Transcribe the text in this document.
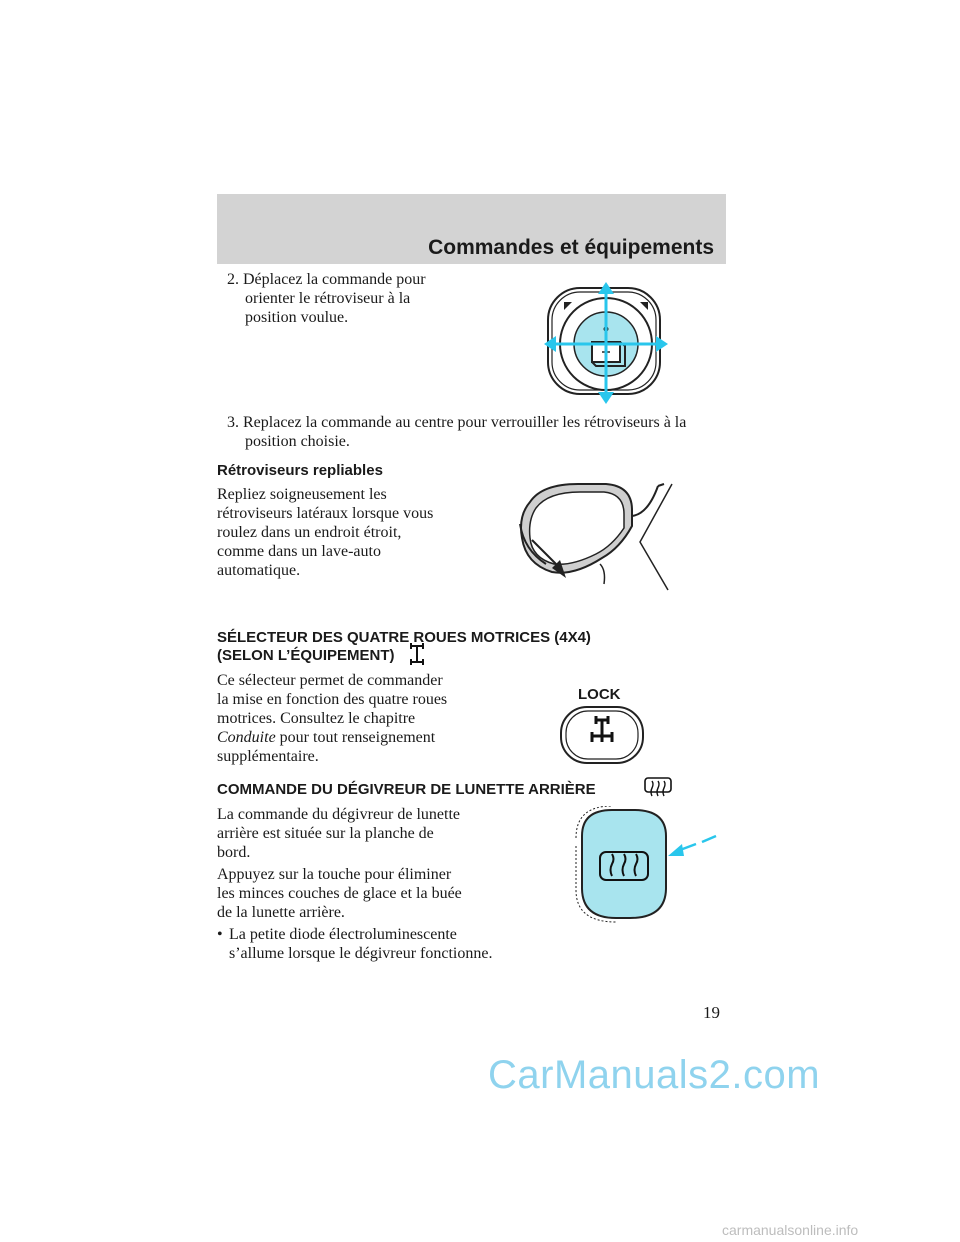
Commandes et équipements

2. Déplacez la commande pour

orienter le rétroviseur à la

position voulue.

3. Replacez la commande au centre pour verrouiller les rétroviseurs à la

position choisie.

Rétroviseurs repliables

Repliez soigneusement les

rétroviseurs latéraux lorsque vous

roulez dans un endroit étroit,

comme dans un lave-auto

automatique.

SÉLECTEUR DES QUATRE ROUES MOTRICES (4X4)
(SELON L’ÉQUIPEMENT)

Ce sélecteur permet de commander

la mise en fonction des quatre roues

motrices. Consultez le chapitre

Conduite pour tout renseignement

supplémentaire.

LOCK
COMMANDE DU DÉGIVREUR DE LUNETTE ARRIÈRE

La commande du dégivreur de lunette

arrière est située sur la planche de

bord.

Appuyez sur la touche pour éliminer

les minces couches de glace et la buée

de la lunette arrière.

• La petite diode électroluminescente

s’allume lorsque le dégivreur fonctionne.

19
CarManuals2.com
carmanualsonline.info
